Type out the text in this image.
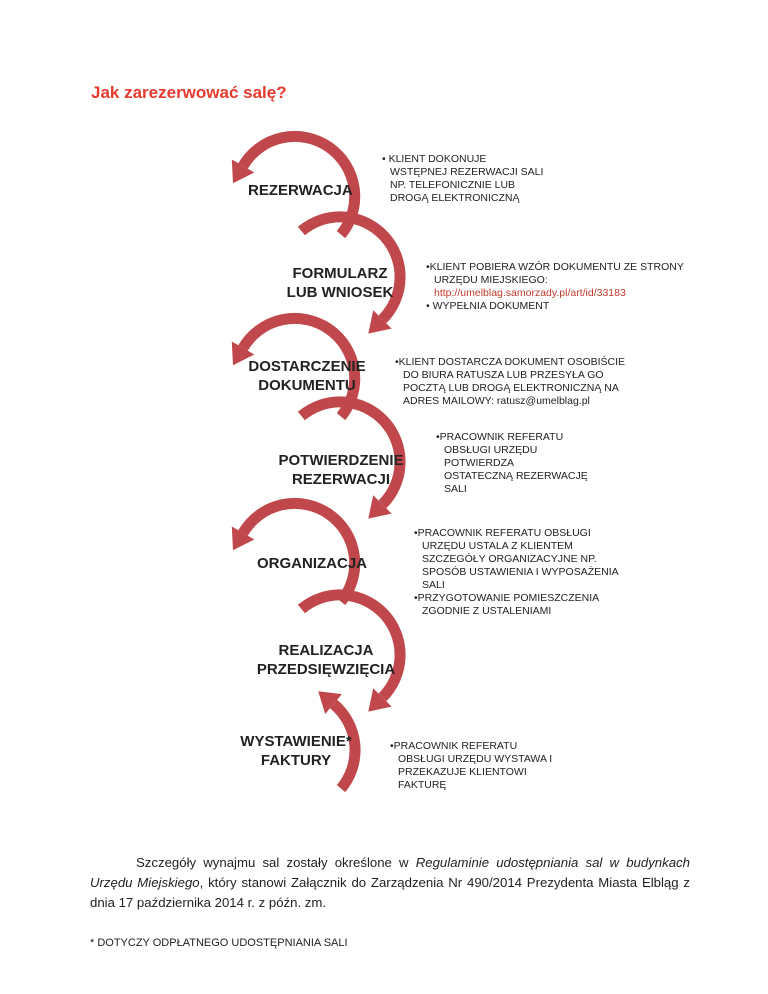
Jak zarezerwować salę?
REZERWACJA
FORMULARZ
LUB WNIOSEK
DOSTARCZENIE
DOKUMENTU
POTWIERDZENIE
REZERWACJI
ORGANIZACJA
REALIZACJA
PRZEDSIĘWZIĘCIA
WYSTAWIENIE*
FAKTURY
• KLIENT DOKONUJE
WSTĘPNEJ REZERWACJI SALI
NP. TELEFONICZNIE LUB
DROGĄ ELEKTRONICZNĄ
•KLIENT POBIERA WZÓR DOKUMENTU ZE STRONY
URZĘDU MIEJSKIEGO:
http://umelblag.samorzady.pl/art/id/33183
• WYPEŁNIA DOKUMENT
•KLIENT DOSTARCZA DOKUMENT OSOBIŚCIE
DO BIURA RATUSZA LUB PRZESYŁA GO
POCZTĄ LUB DROGĄ ELEKTRONICZNĄ NA
ADRES MAILOWY: ratusz@umelblag.pl
•PRACOWNIK REFERATU
OBSŁUGI URZĘDU
POTWIERDZA
OSTATECZNĄ REZERWACJĘ
SALI
•PRACOWNIK REFERATU OBSŁUGI
URZĘDU USTALA Z KLIENTEM
SZCZEGÓŁY ORGANIZACYJNE NP.
SPOSÓB USTAWIENIA I WYPOSAŻENIA
SALI
•PRZYGOTOWANIE POMIESZCZENIA
ZGODNIE Z USTALENIAMI
•PRACOWNIK REFERATU
OBSŁUGI URZĘDU WYSTAWA I
PRZEKAZUJE KLIENTOWI
FAKTURĘ

Szczegóły wynajmu sal zostały określone w Regulaminie udostępniania sal w budynkach Urzędu Miejskiego, który stanowi Załącznik do Zarządzenia Nr 490/2014 Prezydenta Miasta Elbląg z dnia 17 października 2014 r. z późn. zm.

* DOTYCZY ODPŁATNEGO UDOSTĘPNIANIA SALI
